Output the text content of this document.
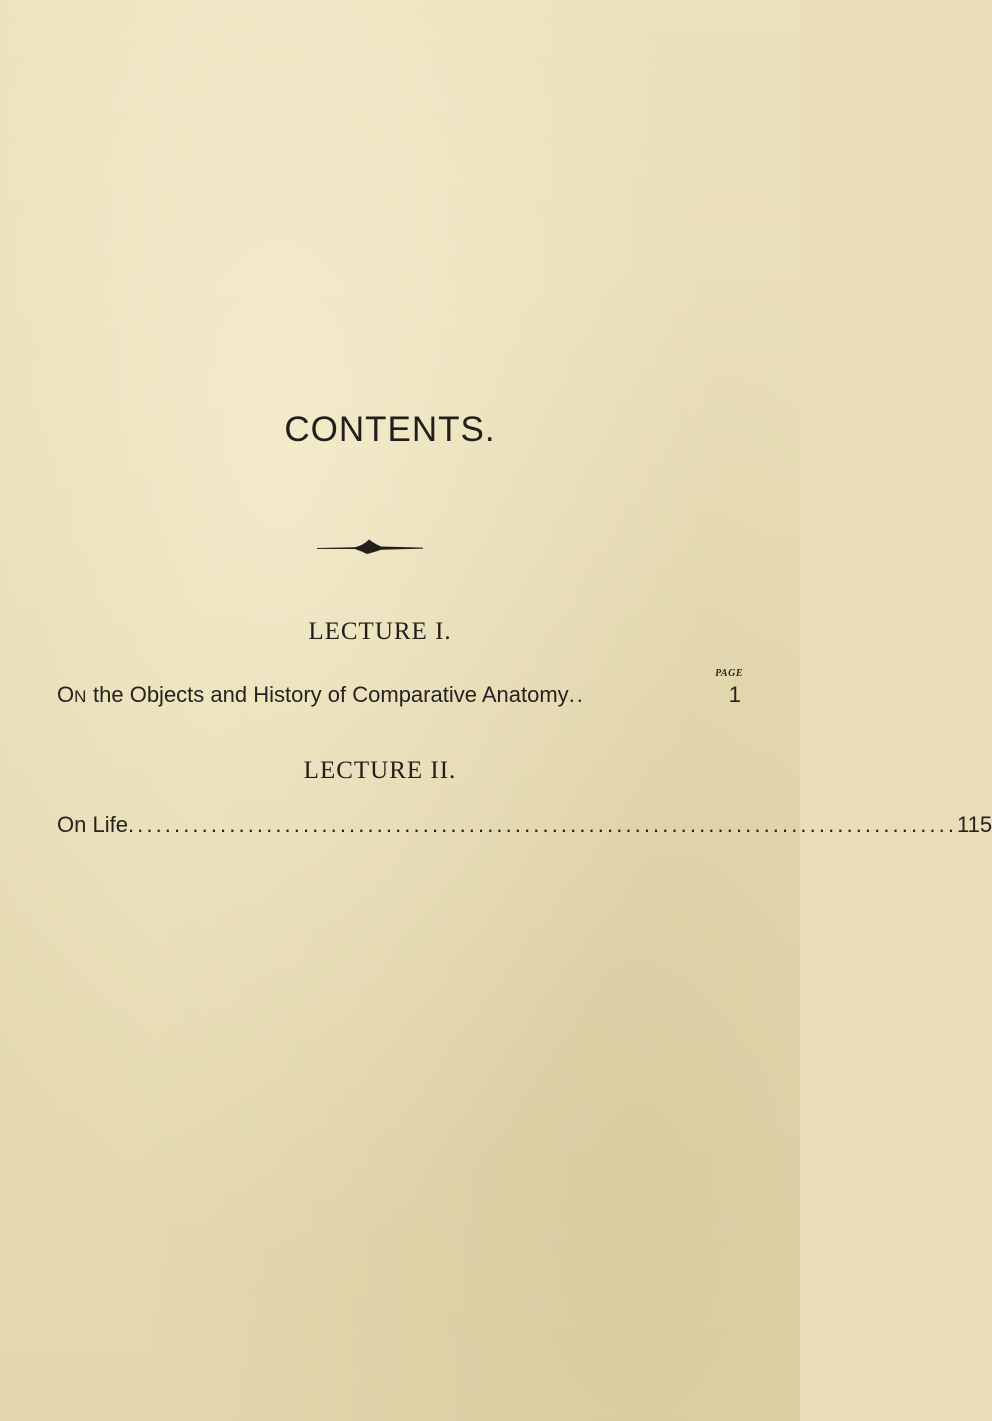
CONTENTS.
LECTURE I.
PAGE
ON the Objects and History of Comparative Anatomy ..	1
LECTURE II.
On Life .......................................................................................... 115
